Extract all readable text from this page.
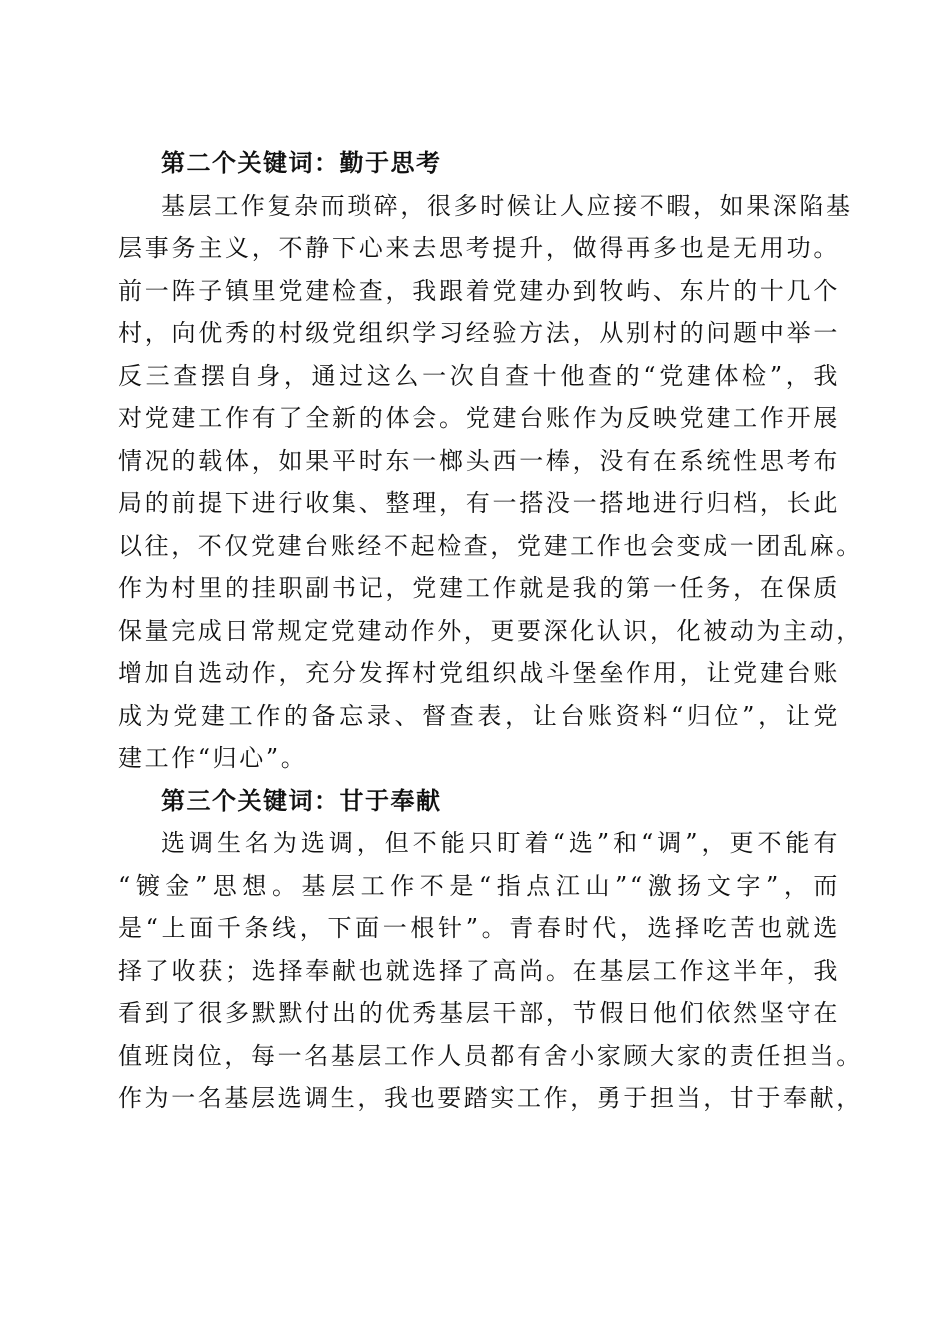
第二个关键词：勤于思考
基层工作复杂而琐碎，很多时候让人应接不暇，如果深陷基
层事务主义，不静下心来去思考提升，做得再多也是无用功。
前一阵子镇里党建检查，我跟着党建办到牧屿、东片的十几个
村，向优秀的村级党组织学习经验方法，从别村的问题中举一
反三查摆自身，通过这么一次自查十他查的“党建体检”，我
对党建工作有了全新的体会。党建台账作为反映党建工作开展
情况的载体，如果平时东一榔头西一棒，没有在系统性思考布
局的前提下进行收集、整理，有一搭没一搭地进行归档，长此
以往，不仅党建台账经不起检查，党建工作也会变成一团乱麻。
作为村里的挂职副书记，党建工作就是我的第一任务，在保质
保量完成日常规定党建动作外，更要深化认识，化被动为主动，
增加自选动作，充分发挥村党组织战斗堡垒作用，让党建台账
成为党建工作的备忘录、督查表，让台账资料“归位”，让党
建工作“归心”。
第三个关键词：甘于奉献
选调生名为选调，但不能只盯着“选”和“调”，更不能有
“镀金”思想。基层工作不是“指点江山”“激扬文字”，而
是“上面千条线，下面一根针”。青春时代，选择吃苦也就选
择了收获；选择奉献也就选择了高尚。在基层工作这半年，我
看到了很多默默付出的优秀基层干部，节假日他们依然坚守在
值班岗位，每一名基层工作人员都有舍小家顾大家的责任担当。
作为一名基层选调生，我也要踏实工作，勇于担当，甘于奉献，
